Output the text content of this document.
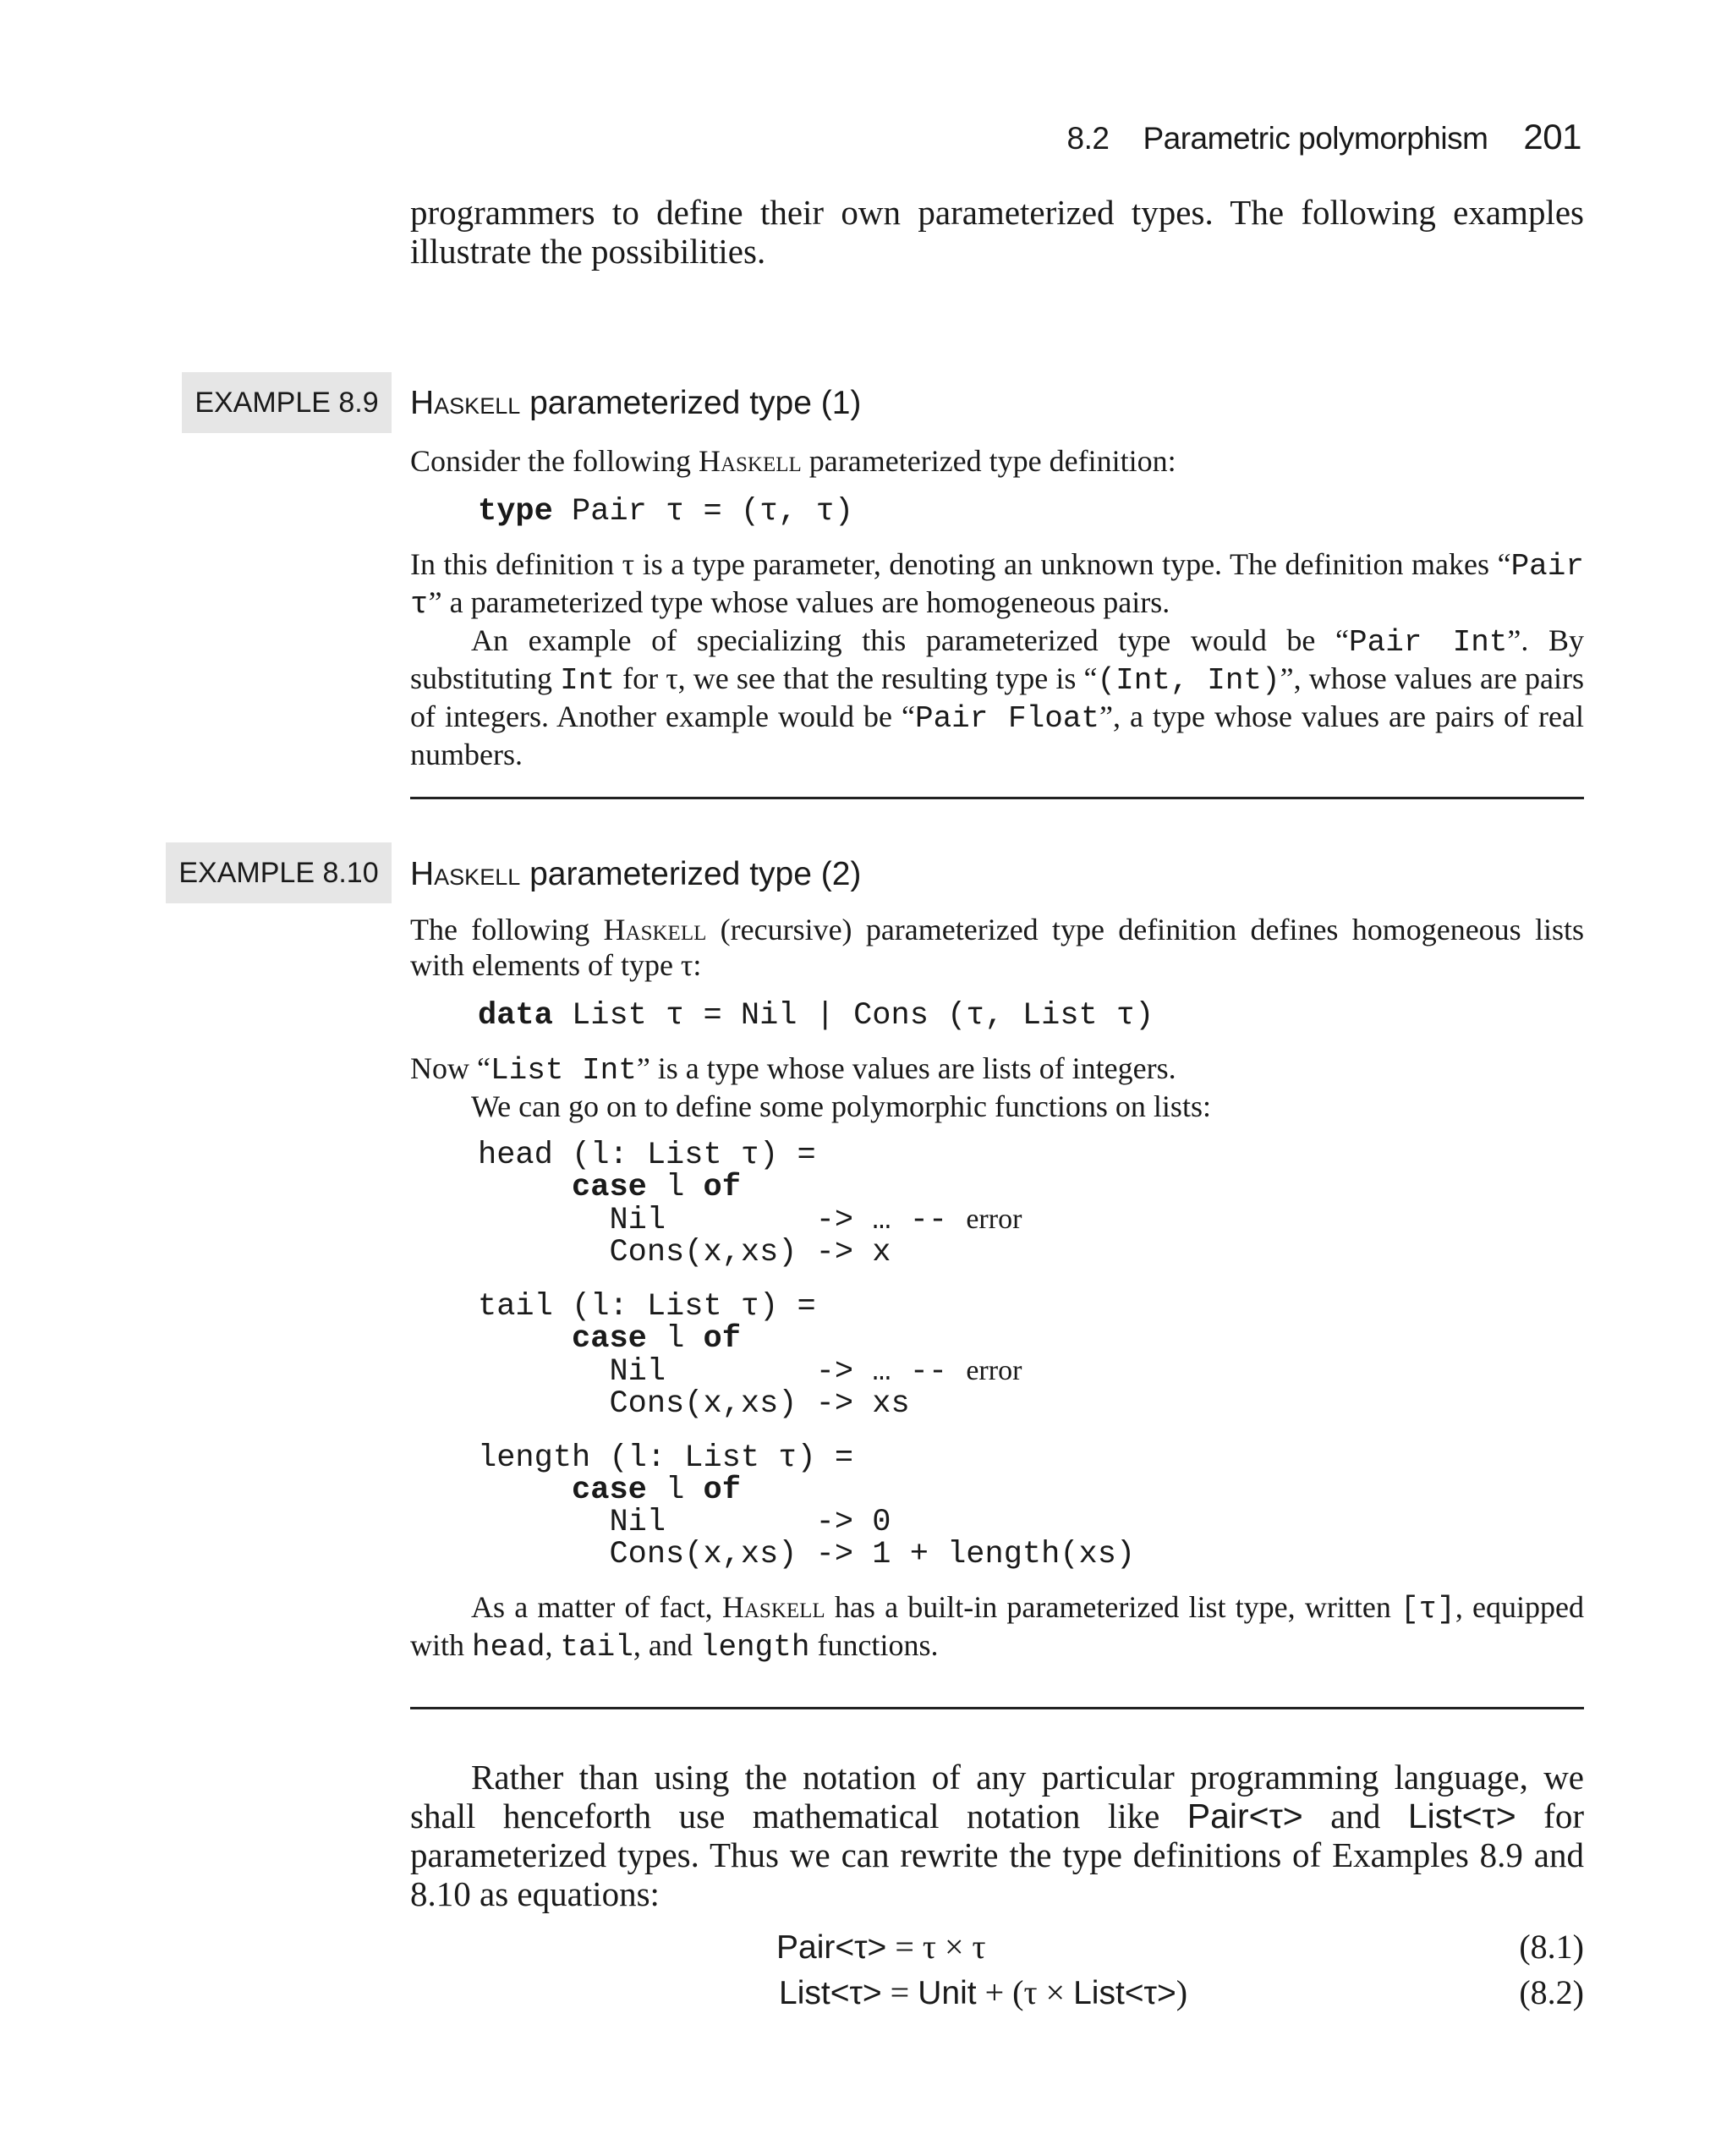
8.2 Parametric polymorphism 201

programmers to define their own parameterized types. The following examples

illustrate the possibilities.

EXAMPLE 8.9 Haskell parameterized type (1)

Consider the following Haskell parameterized type definition:

type Pair τ = (τ, τ)

In this definition τ is a type parameter, denoting an unknown type. The definition makes “Pair τ” a parameterized type whose values are homogeneous pairs.

An example of specializing this parameterized type would be “Pair Int”. By substituting Int for τ, we see that the resulting type is “(Int, Int)”, whose values are pairs of integers. Another example would be “Pair Float”, a type whose values are pairs of real numbers.

EXAMPLE 8.10 Haskell parameterized type (2)

The following Haskell (recursive) parameterized type definition defines homogeneous lists with elements of type τ:

data List τ = Nil | Cons (τ, List τ)

Now “List Int” is a type whose values are lists of integers.

We can go on to define some polymorphic functions on lists:

head (l: List τ) =
case l of
Nil        -> … -- error
Cons(x,xs) -> x
tail (l: List τ) =
case l of
Nil        -> … -- error
Cons(x,xs) -> xs
length (l: List τ) =
case l of
Nil        -> 0
Cons(x,xs) -> 1 + length(xs)

As a matter of fact, Haskell has a built-in parameterized list type, written [τ], equipped with head, tail, and length functions.

Rather than using the notation of any particular programming language, we shall henceforth use mathematical notation like Pair<τ> and List<τ> for parameterized types. Thus we can rewrite the type definitions of Examples 8.9 and 8.10 as equations:

Pair<τ> = τ × τ	(8.1)
List<τ> = Unit + (τ × List<τ>)	(8.2)
